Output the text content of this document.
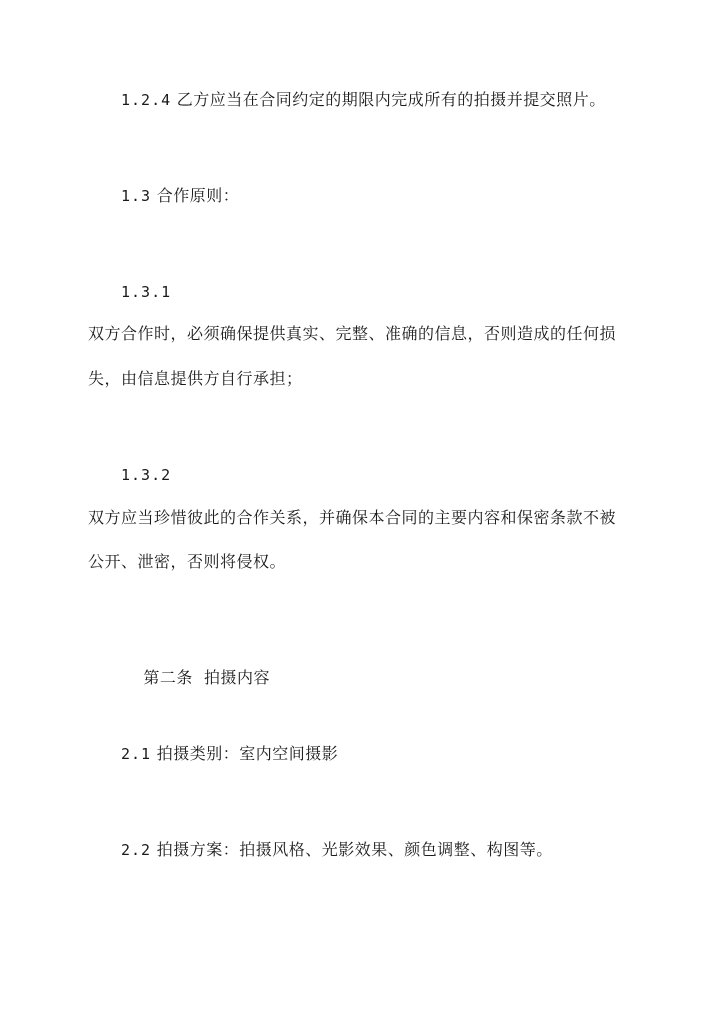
1.2.4 乙方应当在合同约定的期限内完成所有的拍摄并提交照片。
1.3 合作原则：
1.3.1
双方合作时，必须确保提供真实、完整、准确的信息，否则造成的任何损
失，由信息提供方自行承担；
1.3.2
双方应当珍惜彼此的合作关系，并确保本合同的主要内容和保密条款不被
公开、泄密，否则将侵权。

第二条  拍摄内容

2.1 拍摄类别：室内空间摄影
2.2 拍摄方案：拍摄风格、光影效果、颜色调整、构图等。
